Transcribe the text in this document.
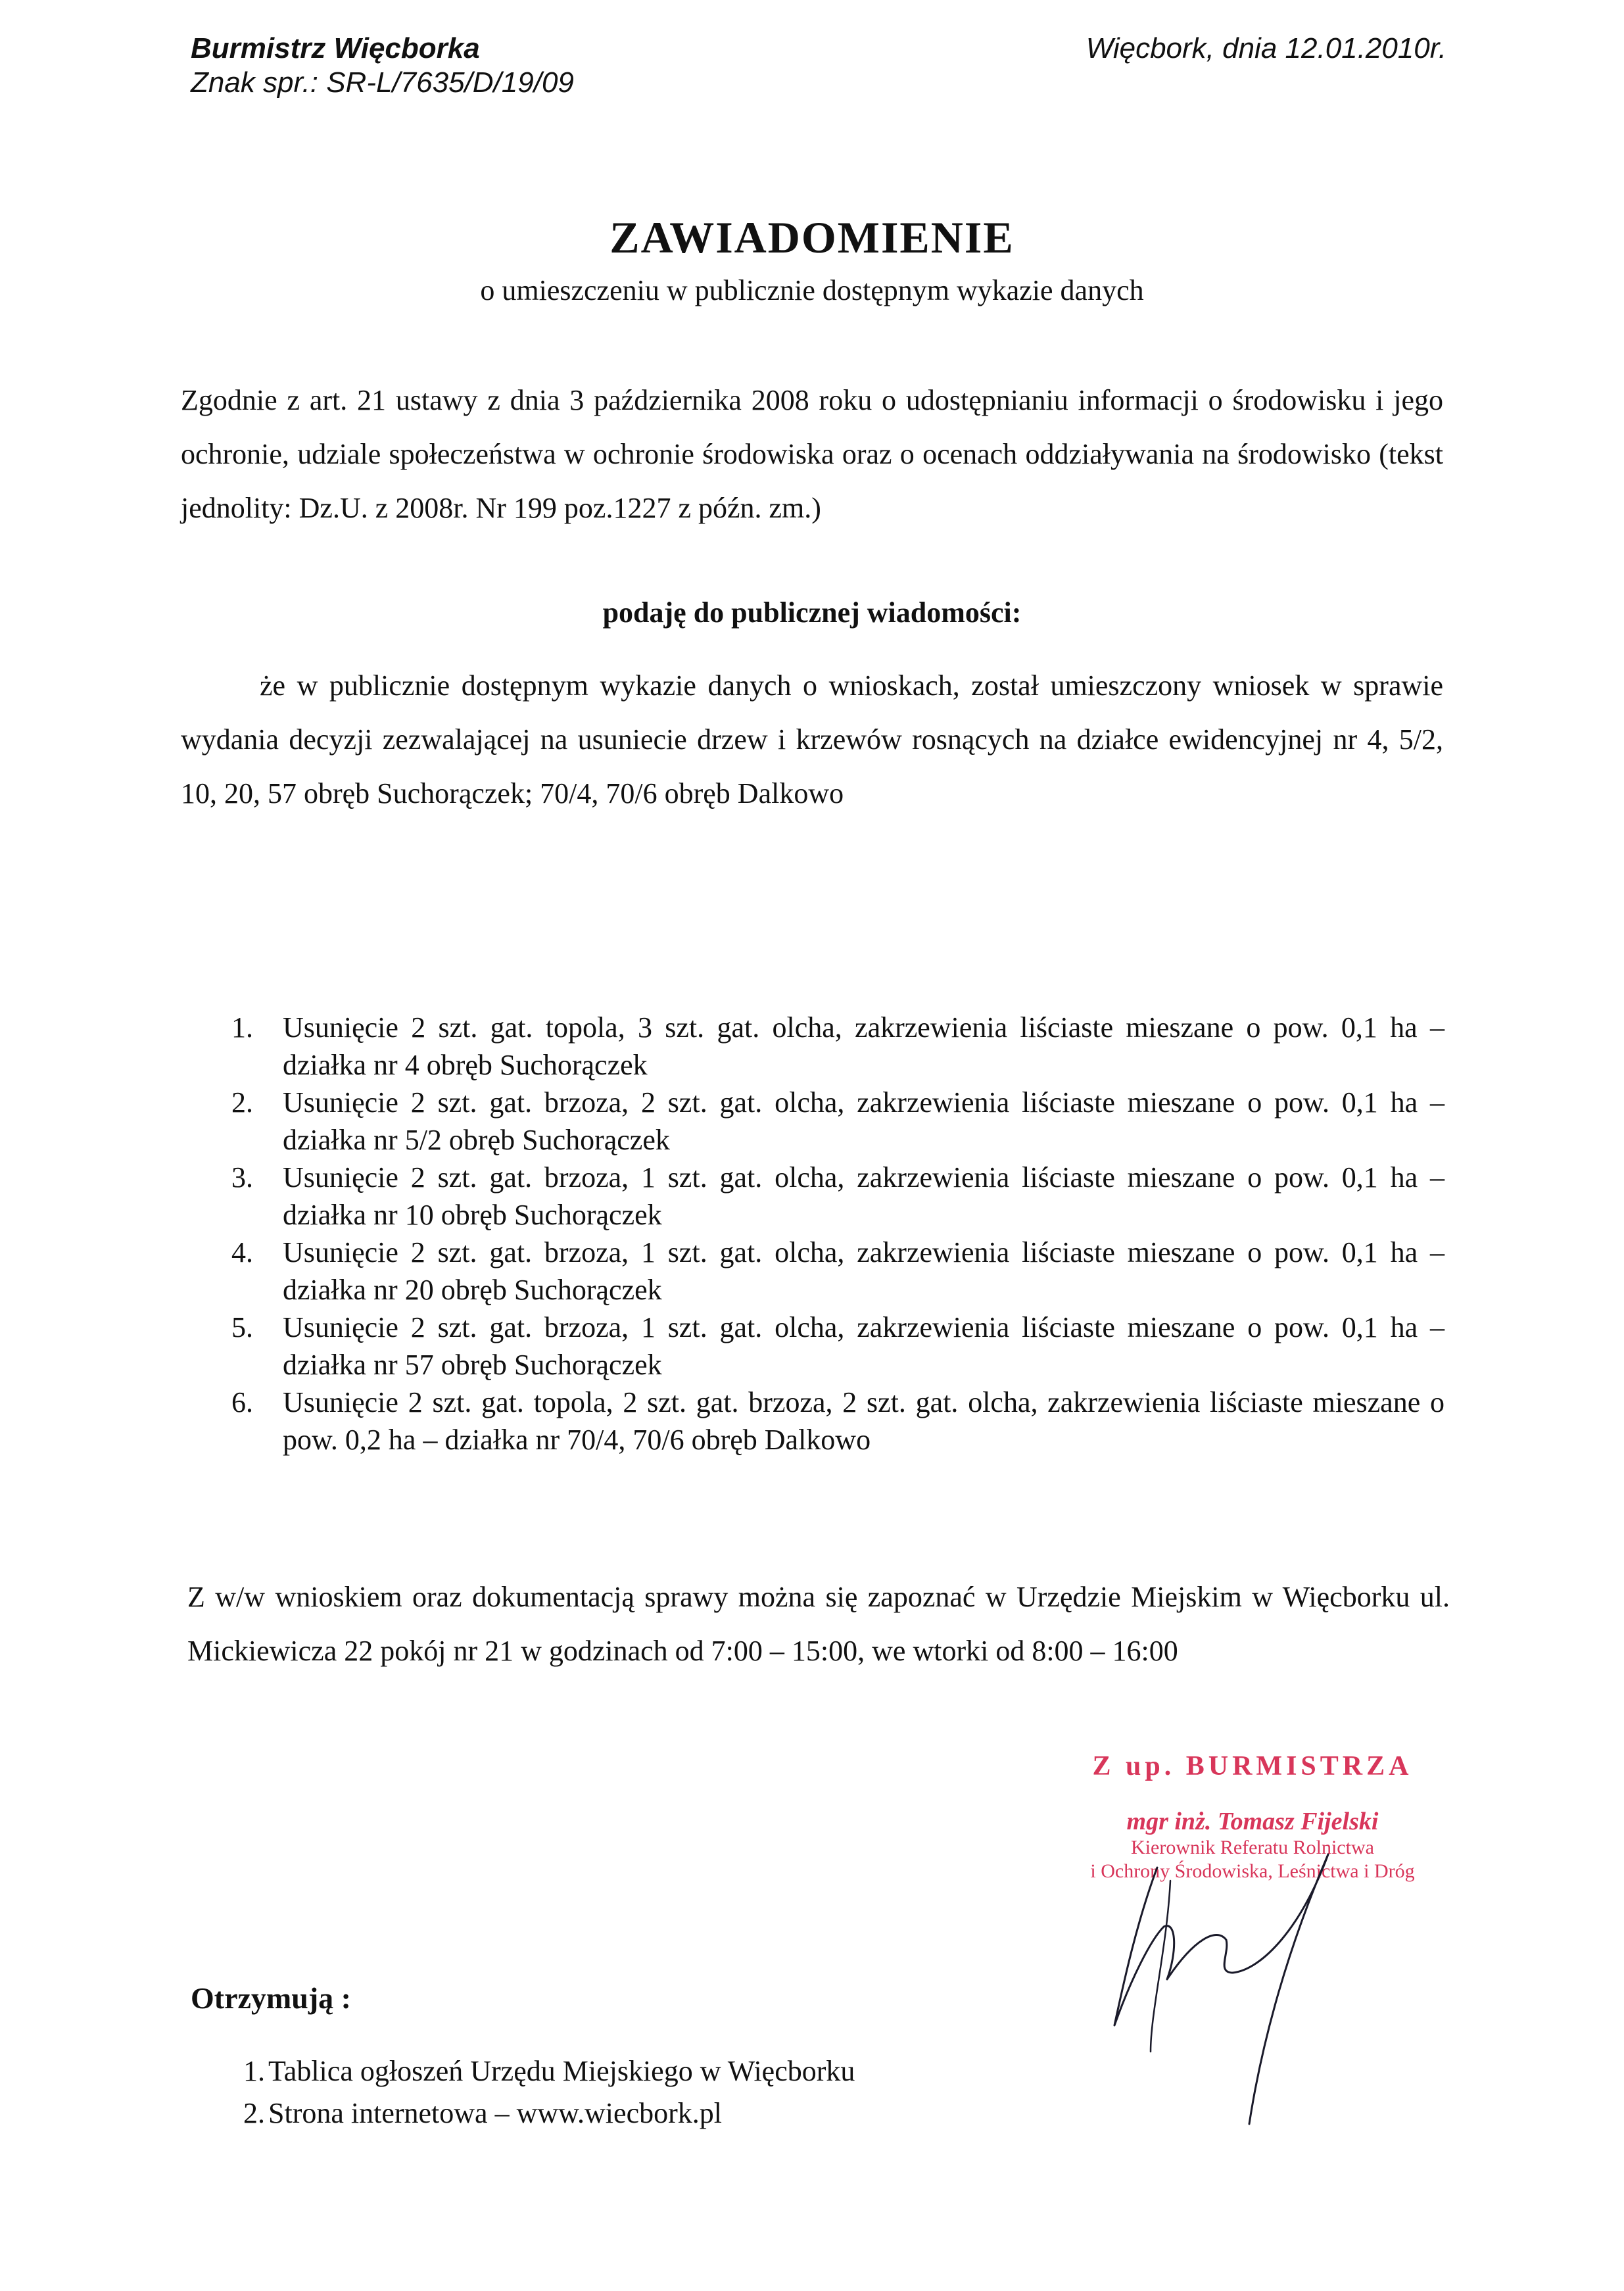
Burmistrz Więcborka
Znak spr.: SR-L/7635/D/19/09
Więcbork, dnia 12.01.2010r.
ZAWIADOMIENIE
o umieszczeniu w publicznie dostępnym wykazie danych
Zgodnie z art. 21 ustawy z dnia 3 października 2008 roku o udostępnianiu informacji o środowisku i jego ochronie, udziale społeczeństwa w ochronie środowiska oraz o ocenach oddziaływania na środowisko (tekst jednolity: Dz.U. z 2008r. Nr 199 poz.1227 z późn. zm.)
podaję do publicznej wiadomości:
że w publicznie dostępnym wykazie danych o wnioskach, został umieszczony wniosek w sprawie wydania decyzji zezwalającej na usuniecie drzew i krzewów rosnących na działce ewidencyjnej nr 4, 5/2, 10, 20, 57 obręb Suchorączek; 70/4, 70/6 obręb Dalkowo
1. Usunięcie 2 szt. gat. topola, 3 szt. gat. olcha, zakrzewienia liściaste mieszane o pow. 0,1 ha – działka nr 4 obręb Suchorączek
2. Usunięcie 2 szt. gat. brzoza, 2 szt. gat. olcha, zakrzewienia liściaste mieszane o pow. 0,1 ha – działka nr 5/2 obręb Suchorączek
3. Usunięcie 2 szt. gat. brzoza, 1 szt. gat. olcha, zakrzewienia liściaste mieszane o pow. 0,1 ha – działka nr 10 obręb Suchorączek
4. Usunięcie 2 szt. gat. brzoza, 1 szt. gat. olcha, zakrzewienia liściaste mieszane o pow. 0,1 ha – działka nr 20 obręb Suchorączek
5. Usunięcie 2 szt. gat. brzoza, 1 szt. gat. olcha, zakrzewienia liściaste mieszane o pow. 0,1 ha – działka nr 57 obręb Suchorączek
6. Usunięcie 2 szt. gat. topola, 2 szt. gat. brzoza, 2 szt. gat. olcha, zakrzewienia liściaste mieszane o pow. 0,2 ha – działka nr 70/4, 70/6 obręb Dalkowo
Z w/w wnioskiem oraz dokumentacją sprawy można się zapoznać w Urzędzie Miejskim w Więcborku ul. Mickiewicza 22 pokój nr 21 w godzinach od 7:00 – 15:00, we wtorki od 8:00 – 16:00
Z up. BURMISTRZA
mgr inż. Tomasz Fijelski
Kierownik Referatu Rolnictwa
i Ochrony Środowiska, Leśnictwa i Dróg
Otrzymują :
1. Tablica ogłoszeń Urzędu Miejskiego w Więcborku
2. Strona internetowa – www.wiecbork.pl
